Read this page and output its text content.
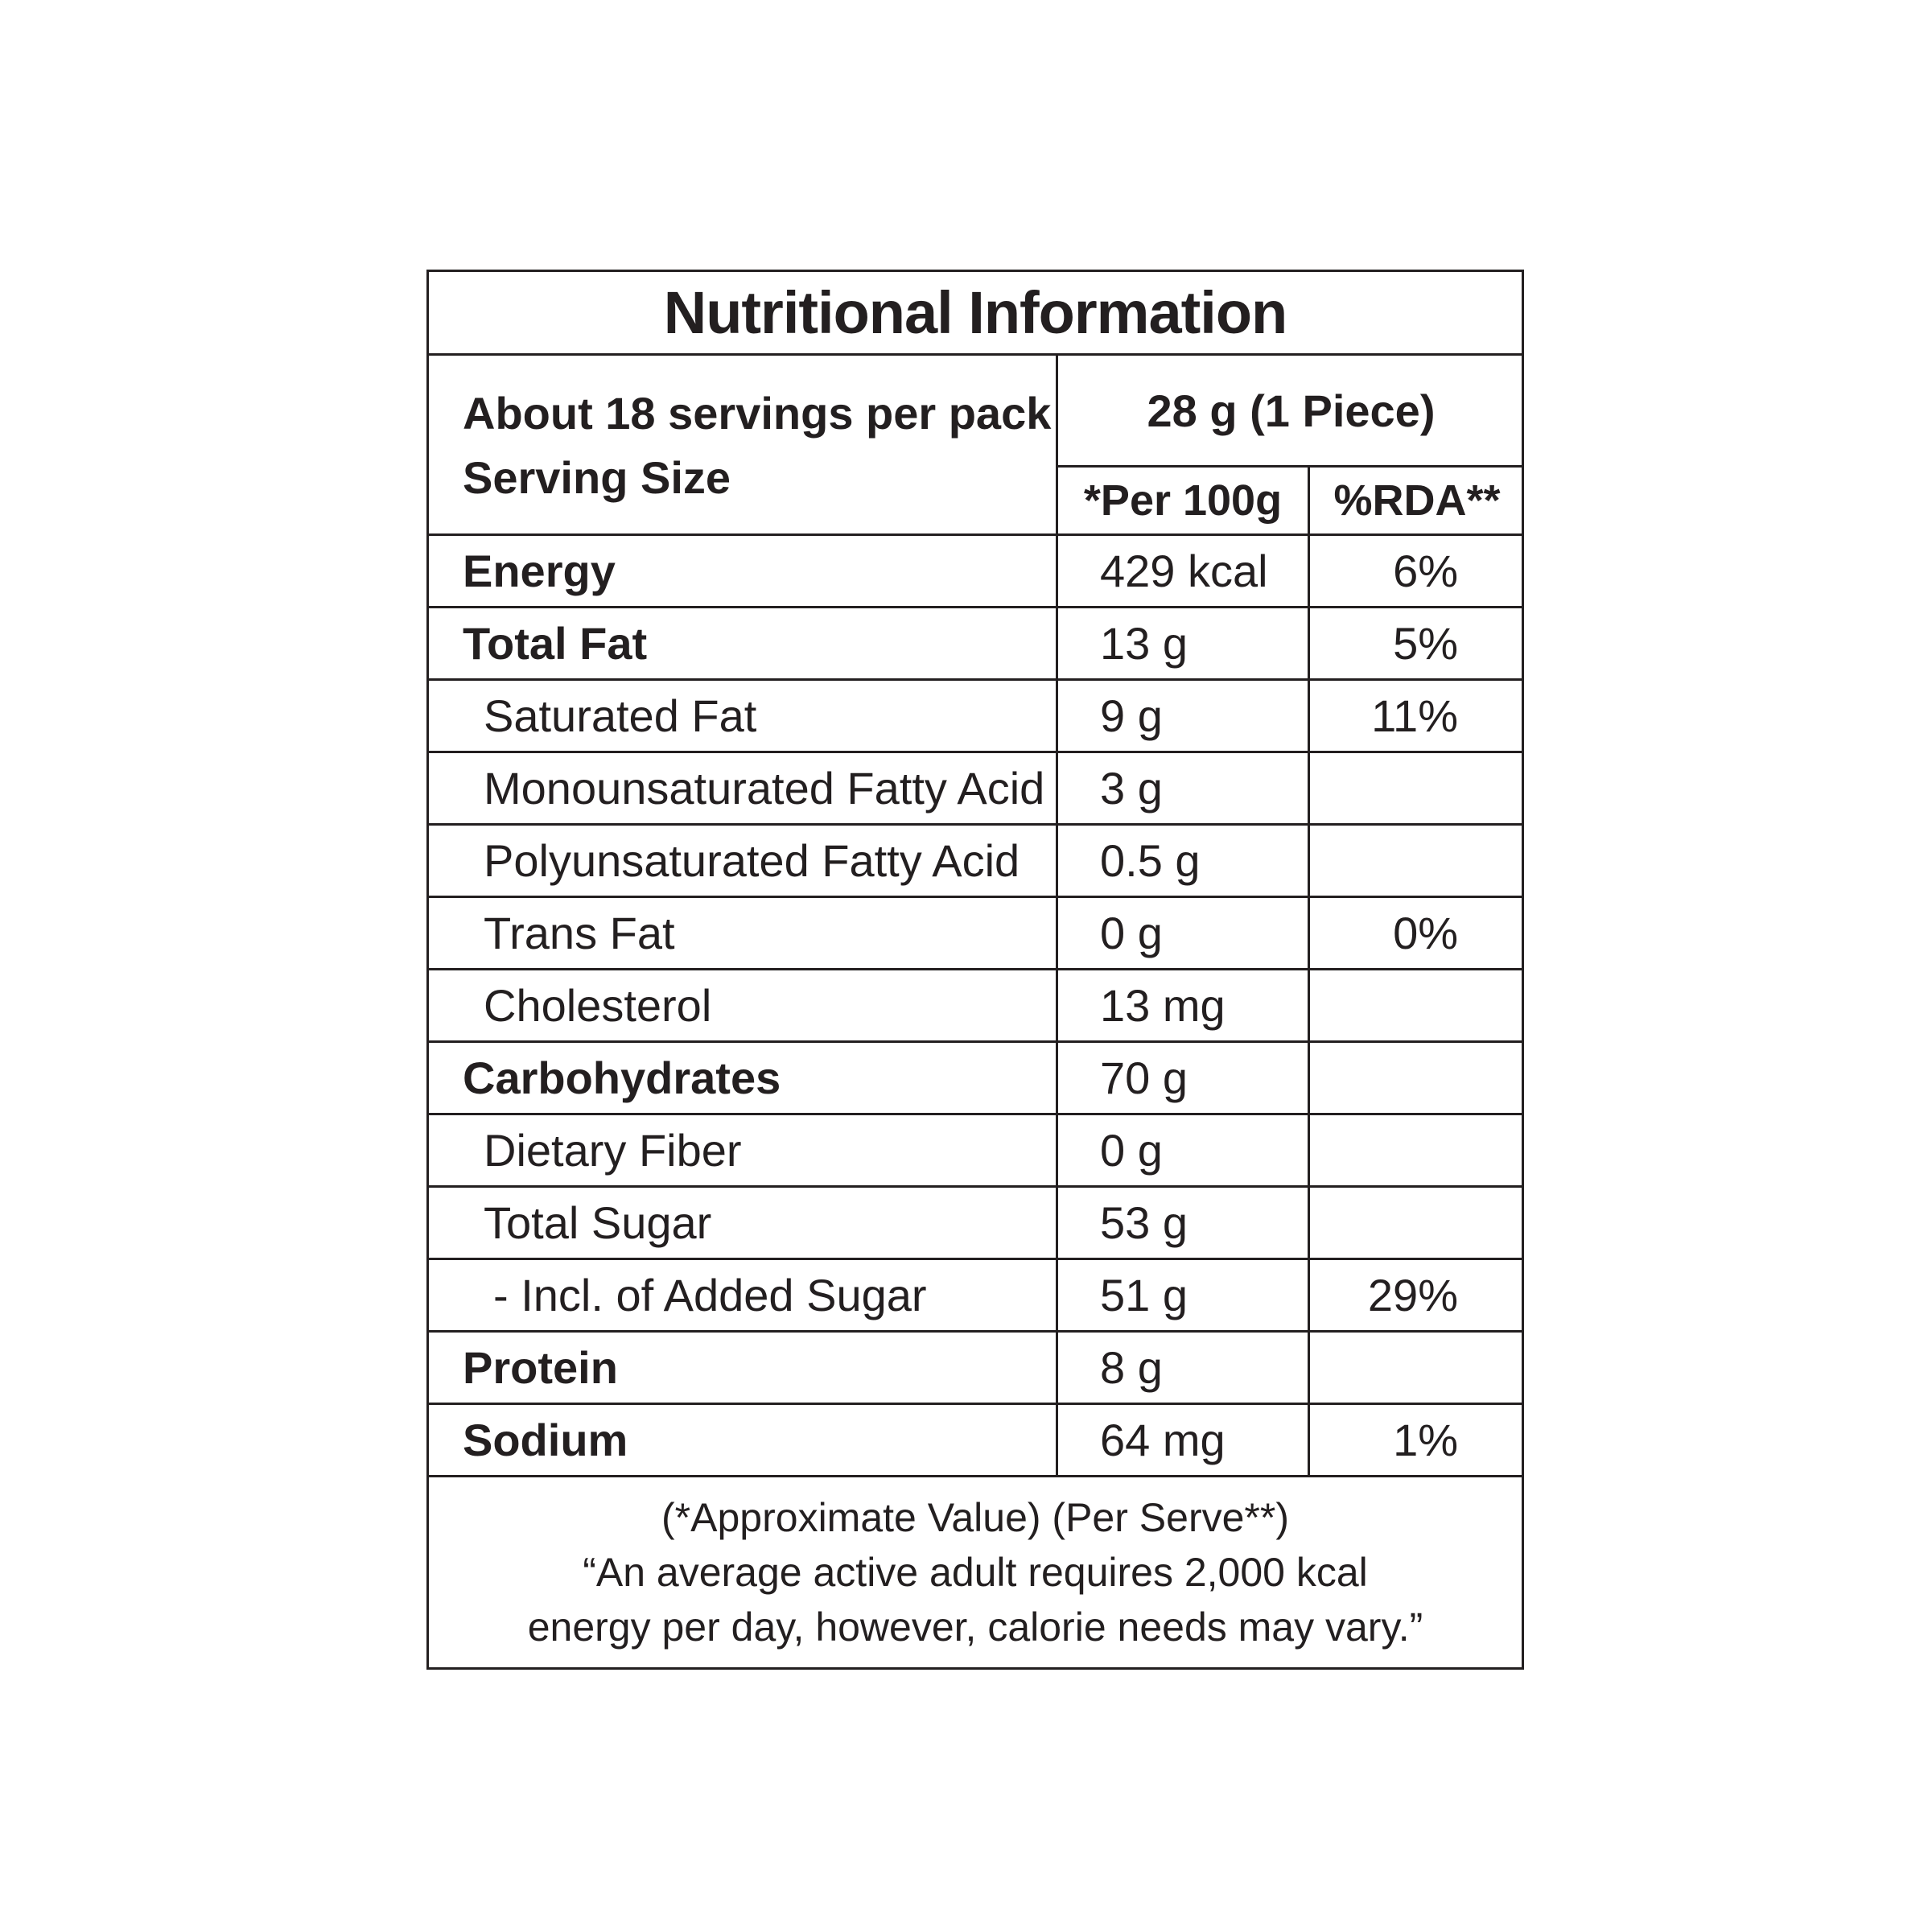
Nutritional Information
About 18 servings per pack
Serving Size
28 g (1 Piece)
*Per 100g	%RDA**
Energy	429 kcal	6%
Total Fat	13 g	5%
Saturated Fat	9 g	11%
Monounsaturated Fatty Acid	3 g
Polyunsaturated Fatty Acid	0.5 g
Trans Fat	0 g	0%
Cholesterol	13 mg
Carbohydrates	70 g
Dietary Fiber	0 g
Total Sugar	53 g
- Incl. of Added Sugar	51 g	29%
Protein	8 g
Sodium	64 mg	1%
(*Approximate Value) (Per Serve**)
“An average active adult requires 2,000 kcal
energy per day, however, calorie needs may vary.”
